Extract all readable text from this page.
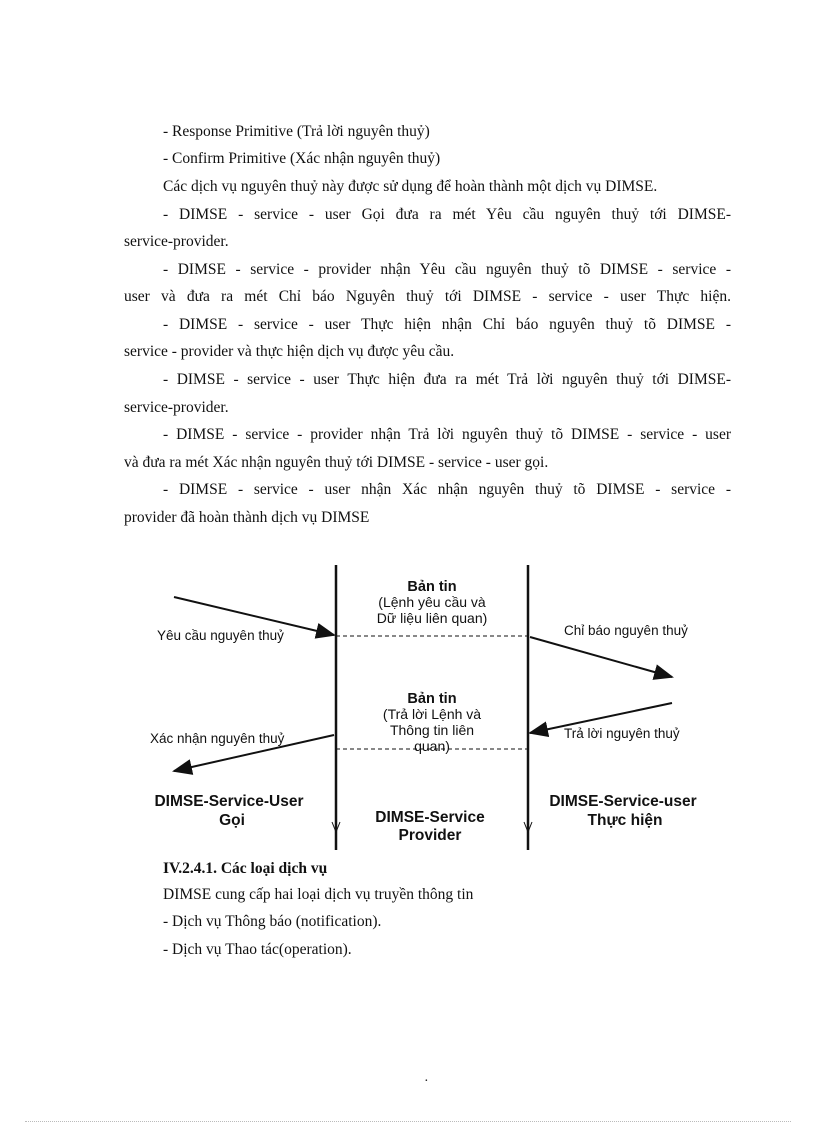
- Response Primitive (Trả lời nguyên thuỷ)
- Confirm Primitive (Xác nhận nguyên thuỷ)
Các dịch vụ nguyên thuỷ này được sử dụng để hoàn thành một dịch vụ DIMSE.
- DIMSE - service - user Gọi đưa ra mét Yêu cầu nguyên thuỷ tới DIMSE-
service-provider.
- DIMSE - service - provider nhận Yêu cầu nguyên thuỷ tõ DIMSE - service -
user và đưa ra mét Chỉ báo Nguyên thuỷ tới DIMSE - service - user Thực hiện.
- DIMSE - service - user Thực hiện nhận Chỉ báo nguyên thuỷ tõ DIMSE -
service - provider và thực hiện dịch vụ được yêu cầu.
- DIMSE - service - user Thực hiện đưa ra mét Trả lời nguyên thuỷ tới DIMSE-
service-provider.
- DIMSE - service - provider nhận Trả lời nguyên thuỷ tõ DIMSE - service - user
và đưa ra mét Xác nhận nguyên thuỷ tới DIMSE - service - user gọi.
- DIMSE - service - user nhận Xác nhận nguyên thuỷ tõ DIMSE - service -
provider đã hoàn thành dịch vụ DIMSE
Bản tin
(Lệnh yêu cầu và
Dữ liệu liên quan)
Bản tin
(Trả lời Lệnh và
Thông tin liên
quan)
Yêu cầu nguyên thuỷ	Chỉ báo nguyên thuỷ
Xác nhận nguyên thuỷ	Trả lời nguyên thuỷ
DIMSE-Service-User
Gọi	DIMSE-Service
Provider
DIMSE-Service-user
Thực hiện
IV.2.4.1. Các loại dịch vụ
DIMSE cung cấp hai loại dịch vụ truyền thông tin
- Dịch vụ Thông báo (notification).
- Dịch vụ Thao tác(operation).
·
